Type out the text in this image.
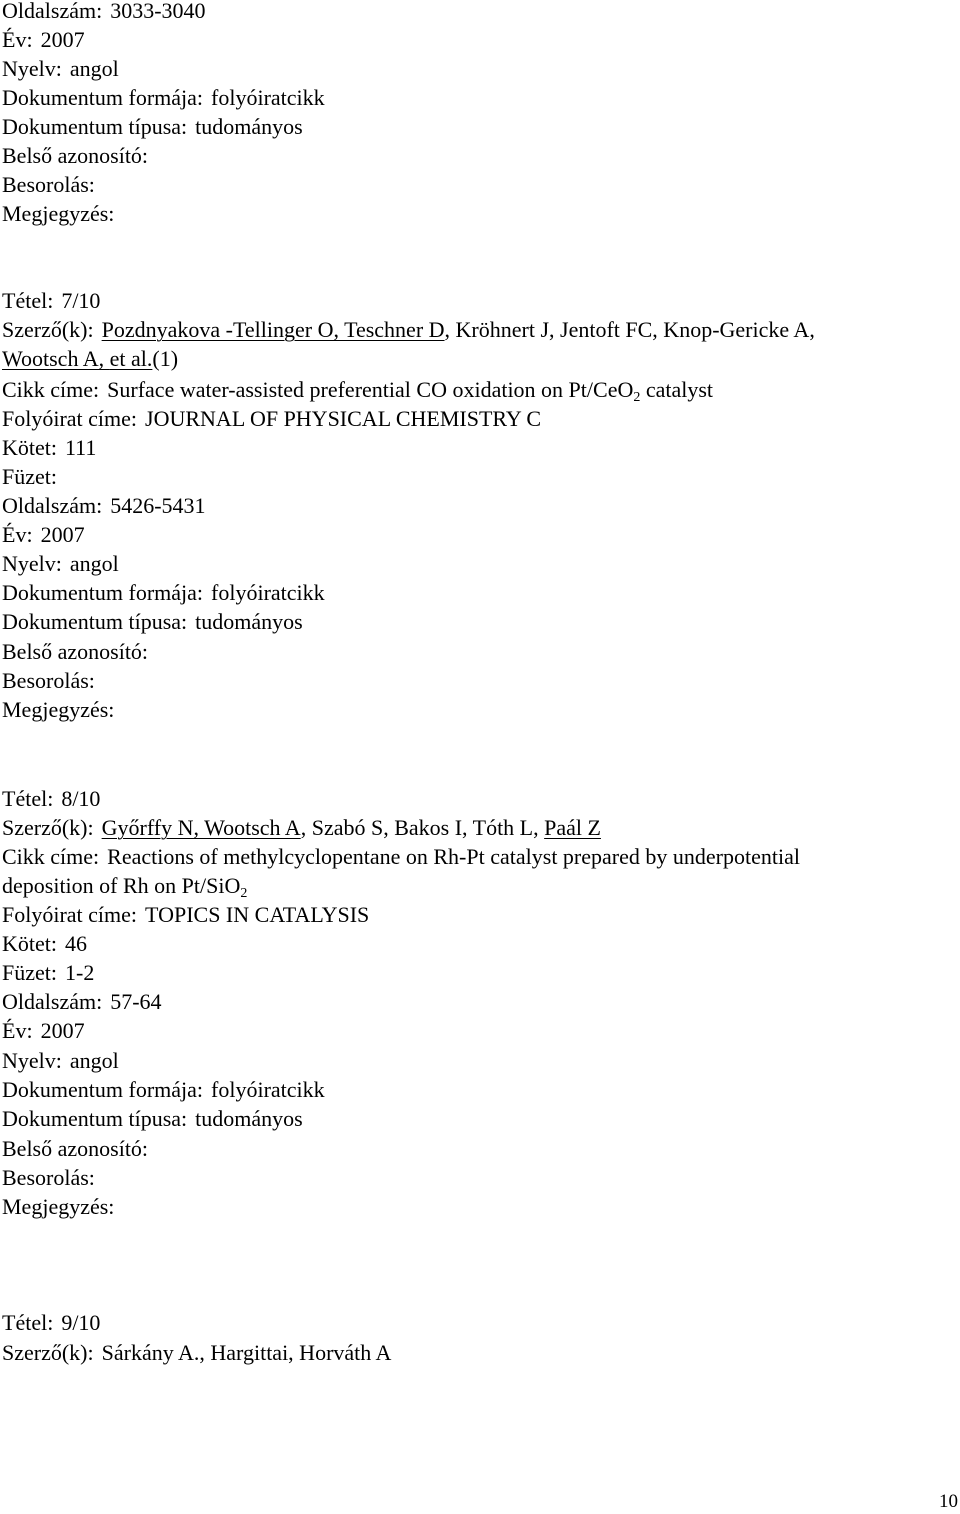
Oldalszám: 3033-3040
Év: 2007
Nyelv: angol
Dokumentum formája: folyóiratcikk
Dokumentum típusa: tudományos
Belső azonosító:
Besorolás:
Megjegyzés:
Tétel: 7/10
Szerző(k): Pozdnyakova -Tellinger O, Teschner D, Kröhnert J, Jentoft FC, Knop-Gericke A,
Wootsch A, et al.(1)
Cikk címe: Surface water-assisted preferential CO oxidation on Pt/CeO$_2$ catalyst
Folyóirat címe: JOURNAL OF PHYSICAL CHEMISTRY C
Kötet: 111
Füzet:
Oldalszám: 5426-5431
Év: 2007
Nyelv: angol
Dokumentum formája: folyóiratcikk
Dokumentum típusa: tudományos
Belső azonosító:
Besorolás:
Megjegyzés:
Tétel: 8/10
Szerző(k): Győrffy N, Wootsch A, Szabó S, Bakos I, Tóth L, Paál Z
Cikk címe: Reactions of methylcyclopentane on Rh-Pt catalyst prepared by underpotential
deposition of Rh on Pt/SiO$_2$
Folyóirat címe: TOPICS IN CATALYSIS
Kötet: 46
Füzet: 1-2
Oldalszám: 57-64
Év: 2007
Nyelv: angol
Dokumentum formája: folyóiratcikk
Dokumentum típusa: tudományos
Belső azonosító:
Besorolás:
Megjegyzés:
Tétel: 9/10
Szerző(k): Sárkány A., Hargittai, Horváth A
10
